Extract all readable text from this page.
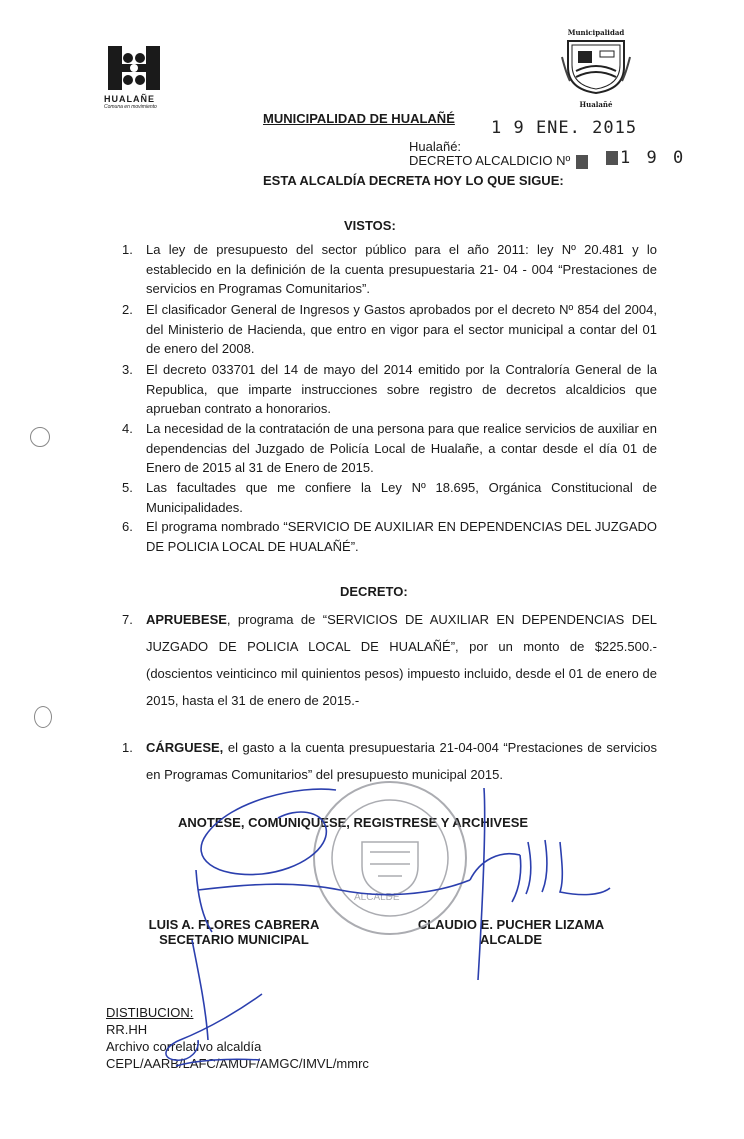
HUALAÑE
Comuna en movimiento
Municipalidad
Hualañé
MUNICIPALIDAD DE HUALAÑÉ 1 9 ENE. 2015
Hualañé:
DECRETO ALCALDICIO Nº	1 9 0
ESTA ALCALDÍA DECRETA HOY LO QUE SIGUE:
VISTOS:
1. La ley de presupuesto del sector público para el año 2011: ley Nº 20.481 y lo establecido en la definición de la cuenta presupuestaria 21- 04 - 004 “Prestaciones de servicios en Programas Comunitarios”.
2. El clasificador General de Ingresos y Gastos aprobados por el decreto Nº 854 del 2004, del Ministerio de Hacienda, que entro en vigor para el sector municipal a contar del 01 de enero del 2008.
3. El decreto 033701 del 14 de mayo del 2014 emitido por la Contraloría General de la Republica, que imparte instrucciones sobre registro de decretos alcaldicios que aprueban contrato a honorarios.
4. La necesidad de la contratación de una persona para que realice servicios de auxiliar en dependencias del Juzgado de Policía Local de Hualañe, a contar desde el día 01 de Enero de 2015 al 31 de Enero de 2015.
5. Las facultades que me confiere la Ley Nº 18.695, Orgánica Constitucional de Municipalidades.
6. El programa nombrado “SERVICIO DE AUXILIAR EN DEPENDENCIAS DEL JUZGADO DE POLICIA LOCAL DE HUALAÑÉ”.
DECRETO:
7. APRUEBESE, programa de “SERVICIOS DE AUXILIAR EN DEPENDENCIAS DEL JUZGADO DE POLICIA LOCAL DE HUALAÑÉ”, por un monto de $225.500.- (doscientos veinticinco mil quinientos pesos) impuesto incluido, desde el 01 de enero de 2015, hasta el 31 de enero de 2015.-
1. CÁRGUESE, el gasto a la cuenta presupuestaria 21-04-004 “Prestaciones de servicios en Programas Comunitarios” del presupuesto municipal 2015.
ANOTESE, COMUNIQUESE, REGISTRESE Y ARCHIVESE
LUIS A. FLORES CABRERA
SECETARIO MUNICIPAL
CLAUDIO E. PUCHER LIZAMA
ALCALDE
DISTIBUCION:
RR.HH
Archivo correlativo alcaldía
CEPL/AARB/LAFC/AMUF/AMGC/IMVL/mmrc
ALCALDE
